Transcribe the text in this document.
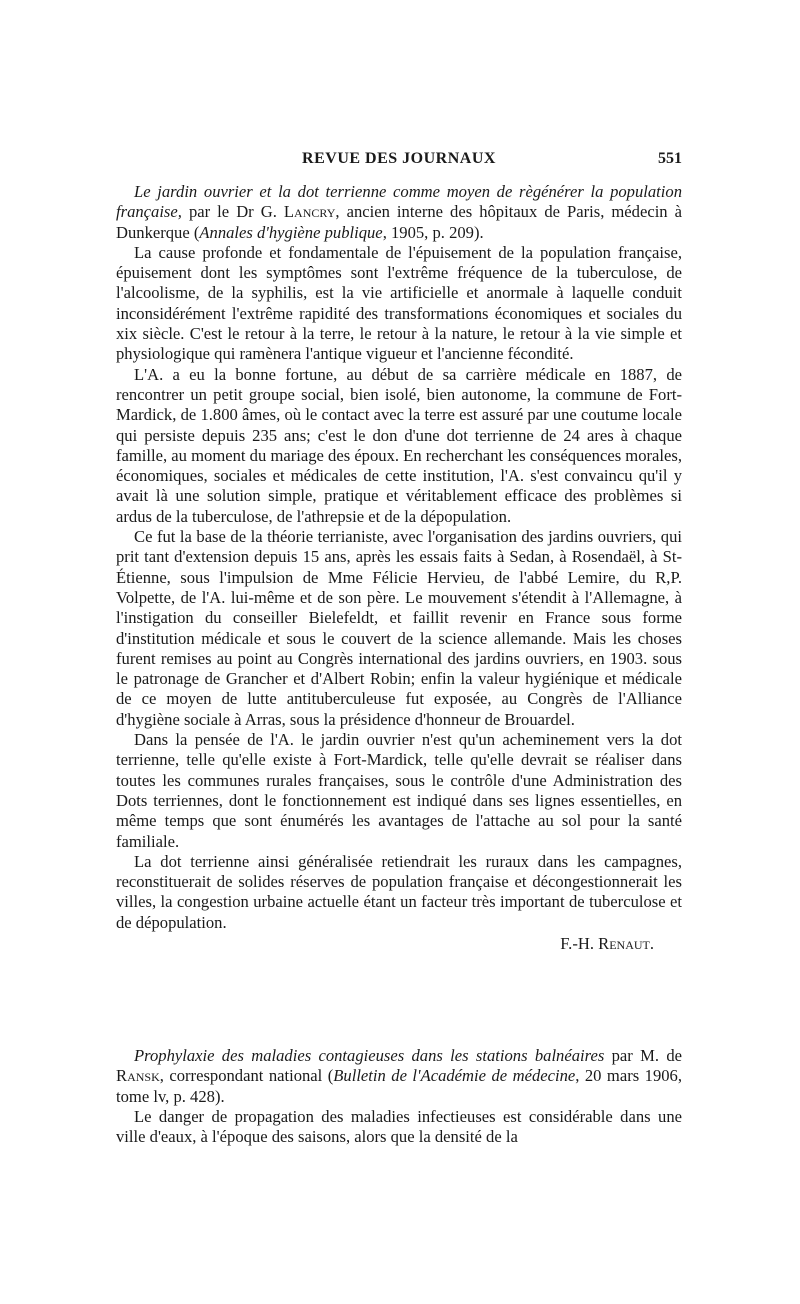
REVUE DES JOURNAUX	551

Le jardin ouvrier et la dot terrienne comme moyen de règénérer la population française, par le Dr G. Lancry, ancien interne des hôpitaux de Paris, médecin à Dunkerque (Annales d'hygiène publique, 1905, p. 209).

La cause profonde et fondamentale de l'épuisement de la population française, épuisement dont les symptômes sont l'extrême fréquence de la tuberculose, de l'alcoolisme, de la syphilis, est la vie artificielle et anormale à laquelle conduit inconsidérément l'extrême rapidité des transformations économiques et sociales du xix siècle. C'est le retour à la terre, le retour à la nature, le retour à la vie simple et physiologique qui ramènera l'antique vigueur et l'ancienne fécondité.

L'A. a eu la bonne fortune, au début de sa carrière médicale en 1887, de rencontrer un petit groupe social, bien isolé, bien autonome, la commune de Fort-Mardick, de 1.800 âmes, où le contact avec la terre est assuré par une coutume locale qui persiste depuis 235 ans; c'est le don d'une dot terrienne de 24 ares à chaque famille, au moment du mariage des époux. En recherchant les conséquences morales, économiques, sociales et médicales de cette institution, l'A. s'est convaincu qu'il y avait là une solution simple, pratique et véritablement efficace des problèmes si ardus de la tuberculose, de l'athrepsie et de la dépopulation.

Ce fut la base de la théorie terrianiste, avec l'organisation des jardins ouvriers, qui prit tant d'extension depuis 15 ans, après les essais faits à Sedan, à Rosendaël, à St-Étienne, sous l'impulsion de Mme Félicie Hervieu, de l'abbé Lemire, du R,P. Volpette, de l'A. lui-même et de son père. Le mouvement s'étendit à l'Allemagne, à l'instigation du conseiller Bielefeldt, et faillit revenir en France sous forme d'institution médicale et sous le couvert de la science allemande. Mais les choses furent remises au point au Congrès international des jardins ouvriers, en 1903. sous le patronage de Grancher et d'Albert Robin; enfin la valeur hygiénique et médicale de ce moyen de lutte antituberculeuse fut exposée, au Congrès de l'Alliance d'hygiène sociale à Arras, sous la présidence d'honneur de Brouardel.

Dans la pensée de l'A. le jardin ouvrier n'est qu'un acheminement vers la dot terrienne, telle qu'elle existe à Fort-Mardick, telle qu'elle devrait se réaliser dans toutes les communes rurales françaises, sous le contrôle d'une Administration des Dots terriennes, dont le fonctionnement est indiqué dans ses lignes essentielles, en même temps que sont énumérés les avantages de l'attache au sol pour la santé familiale.

La dot terrienne ainsi généralisée retiendrait les ruraux dans les campagnes, reconstituerait de solides réserves de population française et décongestionnerait les villes, la congestion urbaine actuelle étant un facteur très important de tuberculose et de dépopulation.

F.-H. Renaut.

Prophylaxie des maladies contagieuses dans les stations balnéaires par M. de Ransk, correspondant national (Bulletin de l'Académie de médecine, 20 mars 1906, tome lv, p. 428).

Le danger de propagation des maladies infectieuses est considérable dans une ville d'eaux, à l'époque des saisons, alors que la densité de la
